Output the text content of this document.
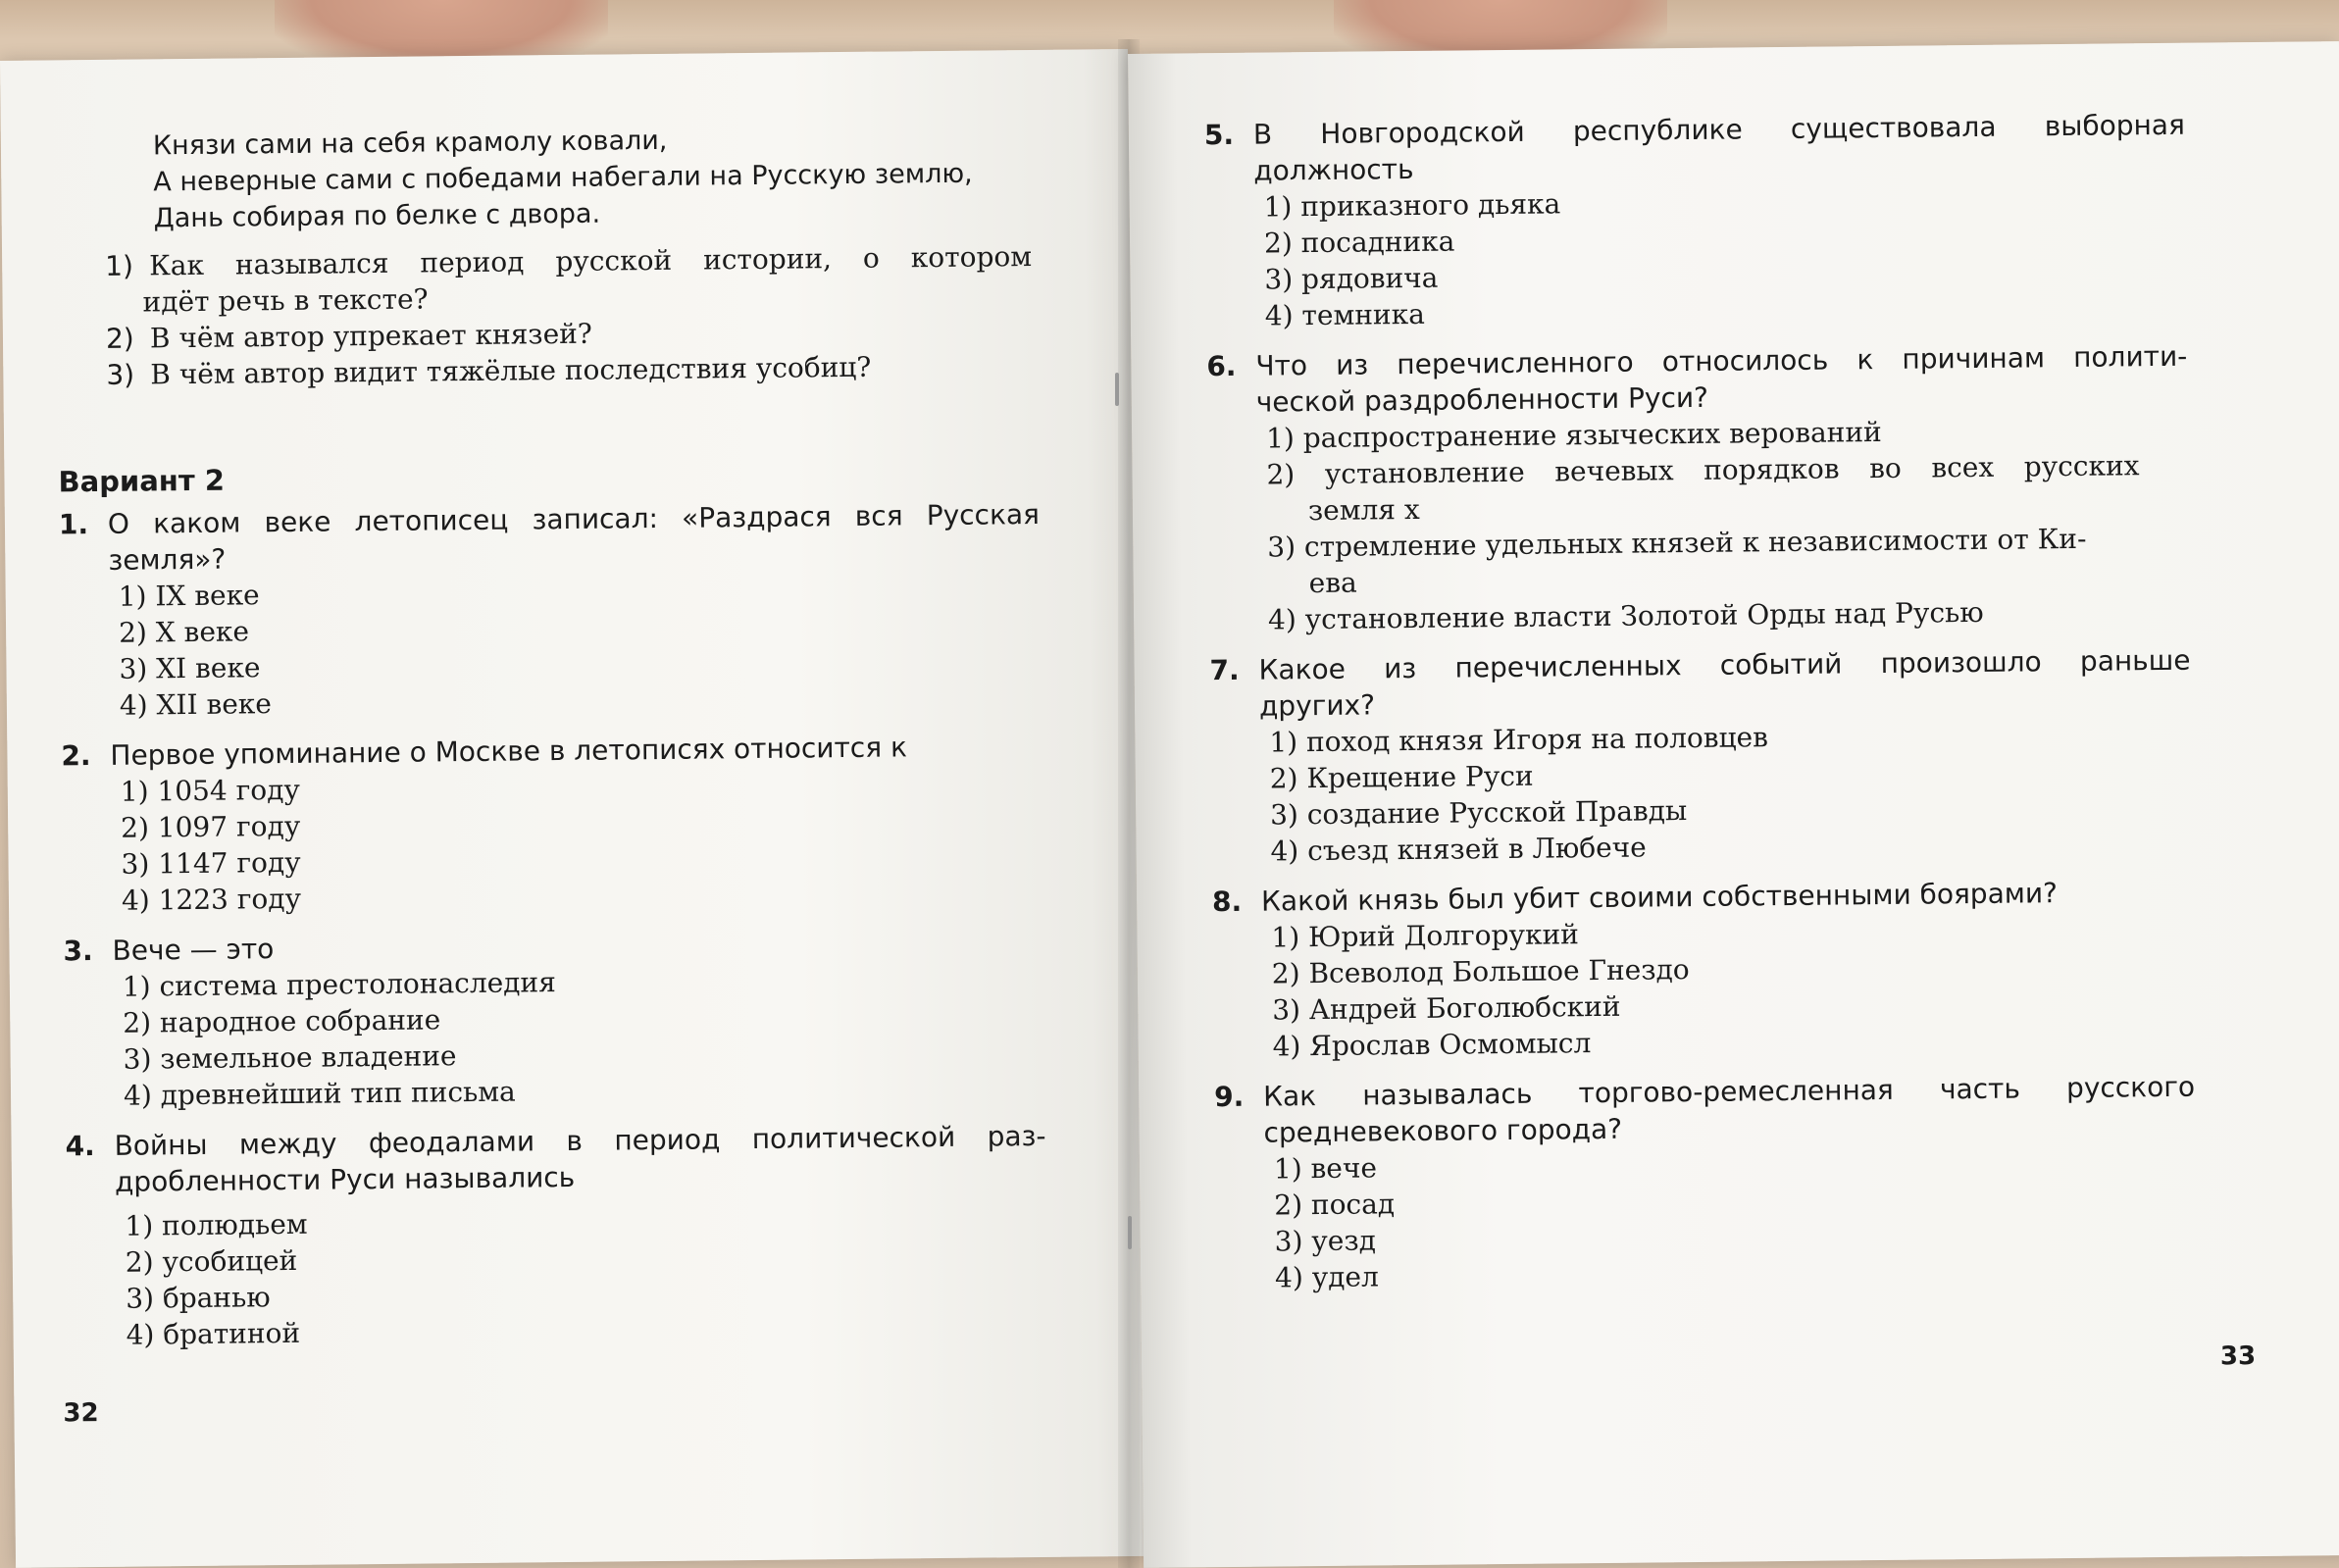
Князи сами на себя крамолу ковали,
А неверные сами с победами набегали на Русскую землю,
Дань собирая по белке с двора.
1) Как назывался период русской истории, о котором
идёт речь в тексте?
2) В чём автор упрекает князей?
3) В чём автор видит тяжёлые последствия усобиц?
Вариант 2
1. О каком веке летописец записал: «Раздрася вся Русская
земля»?
1) IX веке
2) X веке
3) XI веке
4) XII веке
2. Первое упоминание о Москве в летописях относится к
1) 1054 году
2) 1097 году
3) 1147 году
4) 1223 году
3. Вече — это
1) система престолонаследия
2) народное собрание
3) земельное владение
4) древнейший тип письма
4. Войны между феодалами в период политической раз-
дробленности Руси назывались
1) полюдьем
2) усобицей
3) бранью
4) братиной
32
5. В Новгородской республике существовала выборная
должность
1) приказного дьяка
2) посадника
3) рядовича
4) темника
6. Что из перечисленного относилось к причинам полити-
ческой раздробленности Руси?
1) распространение языческих верований
2) установление вечевых порядков во всех русских
земля х
3) стремление удельных князей к независимости от Ки-
ева
4) установление власти Золотой Орды над Русью
7. Какое из перечисленных событий произошло раньше
других?
1) поход князя Игоря на половцев
2) Крещение Руси
3) создание Русской Правды
4) съезд князей в Любече
8. Какой князь был убит своими собственными боярами?
1) Юрий Долгорукий
2) Всеволод Большое Гнездо
3) Андрей Боголюбский
4) Ярослав Осмомысл
9. Как называлась торгово-ремесленная часть русского
средневекового города?
1) вече
2) посад
3) уезд
4) удел
33
